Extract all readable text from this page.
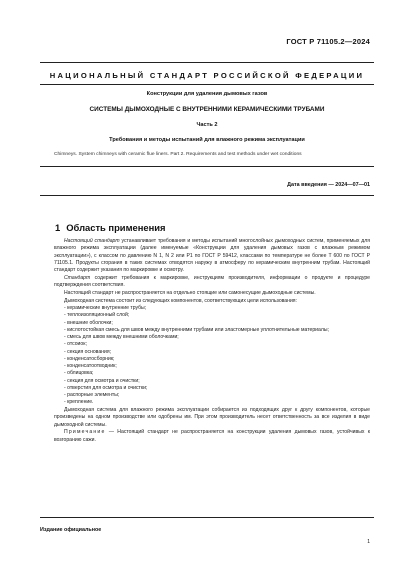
ГОСТ Р 71105.2—2024
НАЦИОНАЛЬНЫЙ СТАНДАРТ РОССИЙСКОЙ ФЕДЕРАЦИИ
Конструкции для удаления дымовых газов
СИСТЕМЫ ДЫМОХОДНЫЕ С ВНУТРЕННИМИ КЕРАМИЧЕСКИМИ ТРУБАМИ
Часть 2
Требования и методы испытаний для влажного режима эксплуатации
Chimneys. System chimneys with ceramic flue liners. Part 2. Requirements and test methods under wet conditions
Дата введения — 2024—07—01
1 Область применения

Настоящий стандарт устанавливает требования и методы испытаний многослойных дымоходных систем, применяемых для влажного режима эксплуатации (далее именуемые «Конструкции для удаления дымовых газов с влажным режимом эксплуатации»), с классом по давлению N 1, N 2 или P1 по ГОСТ Р 59412, классами по температуре не более T 600 по ГОСТ Р 71105.1. Продукты сгорания в таких системах отводятся наружу в атмосферу по керамическим внутренним трубам. Настоящий стандарт содержит указания по маркировке и осмотру.

Стандарт содержит требования к маркировке, инструкциям производителя, информации о продукте и процедуре подтверждения соответствия.

Настоящий стандарт не распространяется на отдельно стоящие или самонесущие дымоходные системы.

Дымоходная система состоит из следующих компонентов, соответствующих цели использования:

- керамические внутренние трубы;

- теплоизоляционный слой;

- внешние оболочки;

- кислотостойкая смесь для швов между внутренними трубами или эластомерные уплотнительные материалы;

- смесь для швов между внешними оболочками;

- отсоиок;

- секция основания;

- конденсатосборник;

- конденсатоотводник;

- облицовка;

- секция для осмотра и очистки;

- отверстия для осмотра и очистки;

- распорные элементы;

- крепление.

Дымоходная система для влажного режима эксплуатации собирается из подходящих друг к другу компонентов, которые произведены на одном производстве или одобрены им. При этом производитель несет ответственность за все изделия в виде дымоходной системы.

Примечание — Настоящий стандарт не распространяется на конструкции удаления дымовых газов, устойчивых к возгоранию сажи.

Издание официальное
1
